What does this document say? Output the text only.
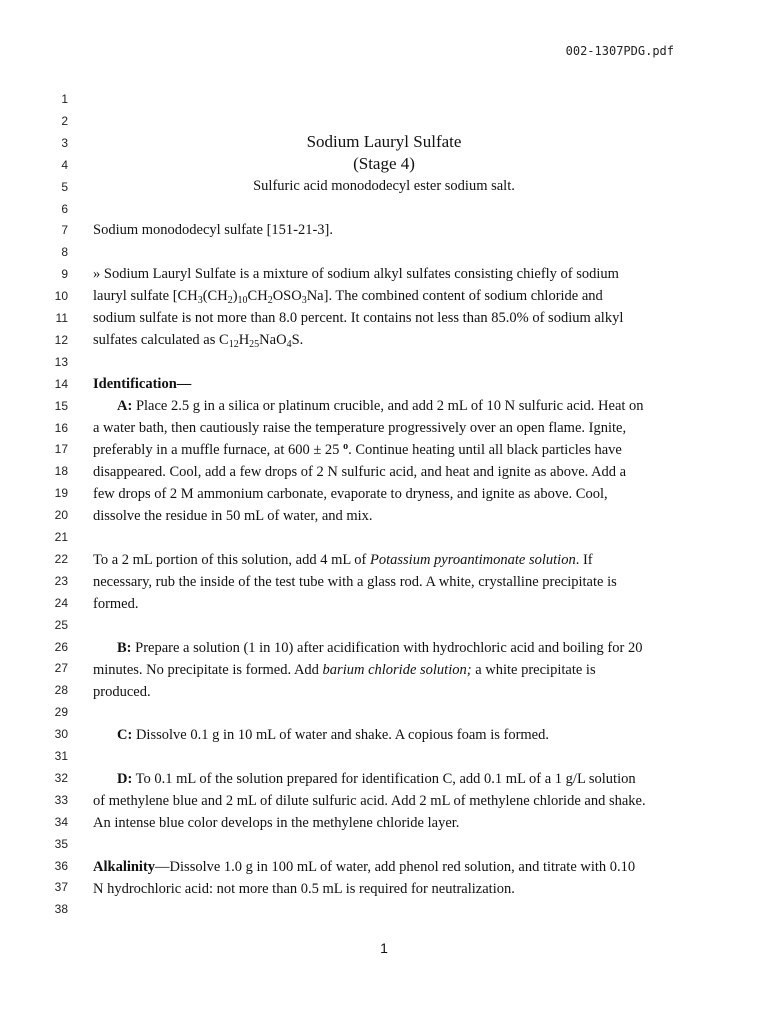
002-1307PDG.pdf
1
2
3
4
5
6
7
8
9
10
11
12
13
14
15
16
17
18
19
20
21
22
23
24
25
26
27
28
29
30
31
32
33
34
35
36
37
38
Sodium Lauryl Sulfate
(Stage 4)
Sulfuric acid monododecyl ester sodium salt.
Sodium monododecyl sulfate [151-21-3].
» Sodium Lauryl Sulfate is a mixture of sodium alkyl sulfates consisting chiefly of sodium
lauryl sulfate $[CH_3(CH_2)_{10}CH_2OSO_3Na]$. The combined content of sodium chloride and
sodium sulfate is not more than 8.0 percent. It contains not less than 85.0% of sodium alkyl
sulfates calculated as $C_{12}H_{25}NaO_4S$.
Identification—
A: Place 2.5 g in a silica or platinum crucible, and add 2 mL of 10 N sulfuric acid. Heat on
a water bath, then cautiously raise the temperature progressively over an open flame. Ignite,
preferably in a muffle furnace, at 600 ± 25 $^o$. Continue heating until all black particles have
disappeared. Cool, add a few drops of 2 N sulfuric acid, and heat and ignite as above. Add a
few drops of 2 M ammonium carbonate, evaporate to dryness, and ignite as above. Cool,
dissolve the residue in 50 mL of water, and mix.
To a 2 mL portion of this solution, add 4 mL of Potassium pyroantimonate solution. If
necessary, rub the inside of the test tube with a glass rod. A white, crystalline precipitate is
formed.
B: Prepare a solution (1 in 10) after acidification with hydrochloric acid and boiling for 20
minutes. No precipitate is formed. Add barium chloride solution; a white precipitate is
produced.
C: Dissolve 0.1 g in 10 mL of water and shake. A copious foam is formed.
D: To 0.1 mL of the solution prepared for identification C, add 0.1 mL of a 1 g/L solution
of methylene blue and 2 mL of dilute sulfuric acid. Add 2 mL of methylene chloride and shake.
An intense blue color develops in the methylene chloride layer.
Alkalinity—Dissolve 1.0 g in 100 mL of water, add phenol red solution, and titrate with 0.10
N hydrochloric acid: not more than 0.5 mL is required for neutralization.
1
